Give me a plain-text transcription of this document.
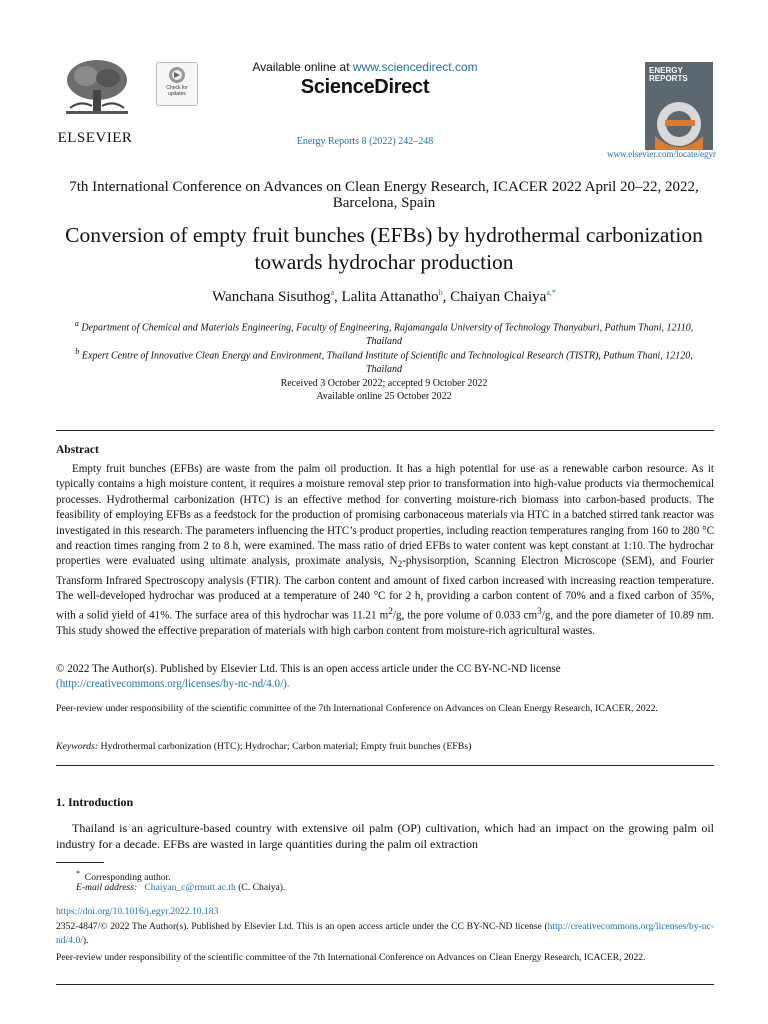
ELSEVIER
Check for updates
Available online at www.sciencedirect.com
ScienceDirect
Energy Reports 8 (2022) 242–248
ENERGY REPORTS
www.elsevier.com/locate/egyr
7th International Conference on Advances on Clean Energy Research, ICACER 2022 April 20–22, 2022, Barcelona, Spain
Conversion of empty fruit bunches (EFBs) by hydrothermal carbonization towards hydrochar production
Wanchana Sisuthog$^a$, Lalita Attanatho$^b$, Chaiyan Chaiya$^{a,*}$
$^a$ Department of Chemical and Materials Engineering, Faculty of Engineering, Rajamangala University of Technology Thanyaburi, Pathum Thani, 12110, Thailand
$^b$ Expert Centre of Innovative Clean Energy and Environment, Thailand Institute of Scientific and Technological Research (TISTR), Pathum Thani, 12120, Thailand
Received 3 October 2022; accepted 9 October 2022
Available online 25 October 2022
Abstract

Empty fruit bunches (EFBs) are waste from the palm oil production. It has a high potential for use as a renewable carbon resource. As it typically contains a high moisture content, it requires a moisture removal step prior to transformation into high-value products via thermochemical processes. Hydrothermal carbonization (HTC) is an effective method for converting moisture-rich biomass into carbon-based products. The feasibility of employing EFBs as a feedstock for the production of promising carbonaceous materials via HTC in a batched stirred tank reactor was investigated in this research. The parameters influencing the HTC’s product properties, including reaction temperatures ranging from 160 to 280 °C and reaction times ranging from 2 to 8 h, were examined. The mass ratio of dried EFBs to water content was kept constant at 1:10. The hydrochar properties were evaluated using ultimate analysis, proximate analysis, $N_2$-physisorption, Scanning Electron Microscope (SEM), and Fourier Transform Infrared Spectroscopy analysis (FTIR). The carbon content and amount of fixed carbon increased with increasing reaction temperature. The well-developed hydrochar was produced at a temperature of 240 °C for 2 h, providing a carbon content of 70% and a fixed carbon of 35%, with a solid yield of 41%. The surface area of this hydrochar was 11.21 $m^2/g$, the pore volume of 0.033 $cm^3/g$, and the pore diameter of 10.89 nm. This study showed the effective preparation of materials with high carbon content from moisture-rich agricultural wastes.

© 2022 The Author(s). Published by Elsevier Ltd. This is an open access article under the CC BY-NC-ND license
(http://creativecommons.org/licenses/by-nc-nd/4.0/).
Peer-review under responsibility of the scientific committee of the 7th International Conference on Advances on Clean Energy Research, ICACER, 2022.
Keywords: Hydrothermal carbonization (HTC); Hydrochar; Carbon material; Empty fruit bunches (EFBs)
1. Introduction
Thailand is an agriculture-based country with extensive oil palm (OP) cultivation, which had an impact on the growing palm oil industry for a decade. EFBs are wasted in large quantities during the palm oil extraction
* Corresponding author.
E-mail address: Chaiyan_c@rmutt.ac.th (C. Chaiya).
https://doi.org/10.1016/j.egyr.2022.10.183
2352-4847/© 2022 The Author(s). Published by Elsevier Ltd. This is an open access article under the CC BY-NC-ND license (http://creativecommons.org/licenses/by-nc-nd/4.0/).
Peer-review under responsibility of the scientific committee of the 7th International Conference on Advances on Clean Energy Research, ICACER, 2022.
